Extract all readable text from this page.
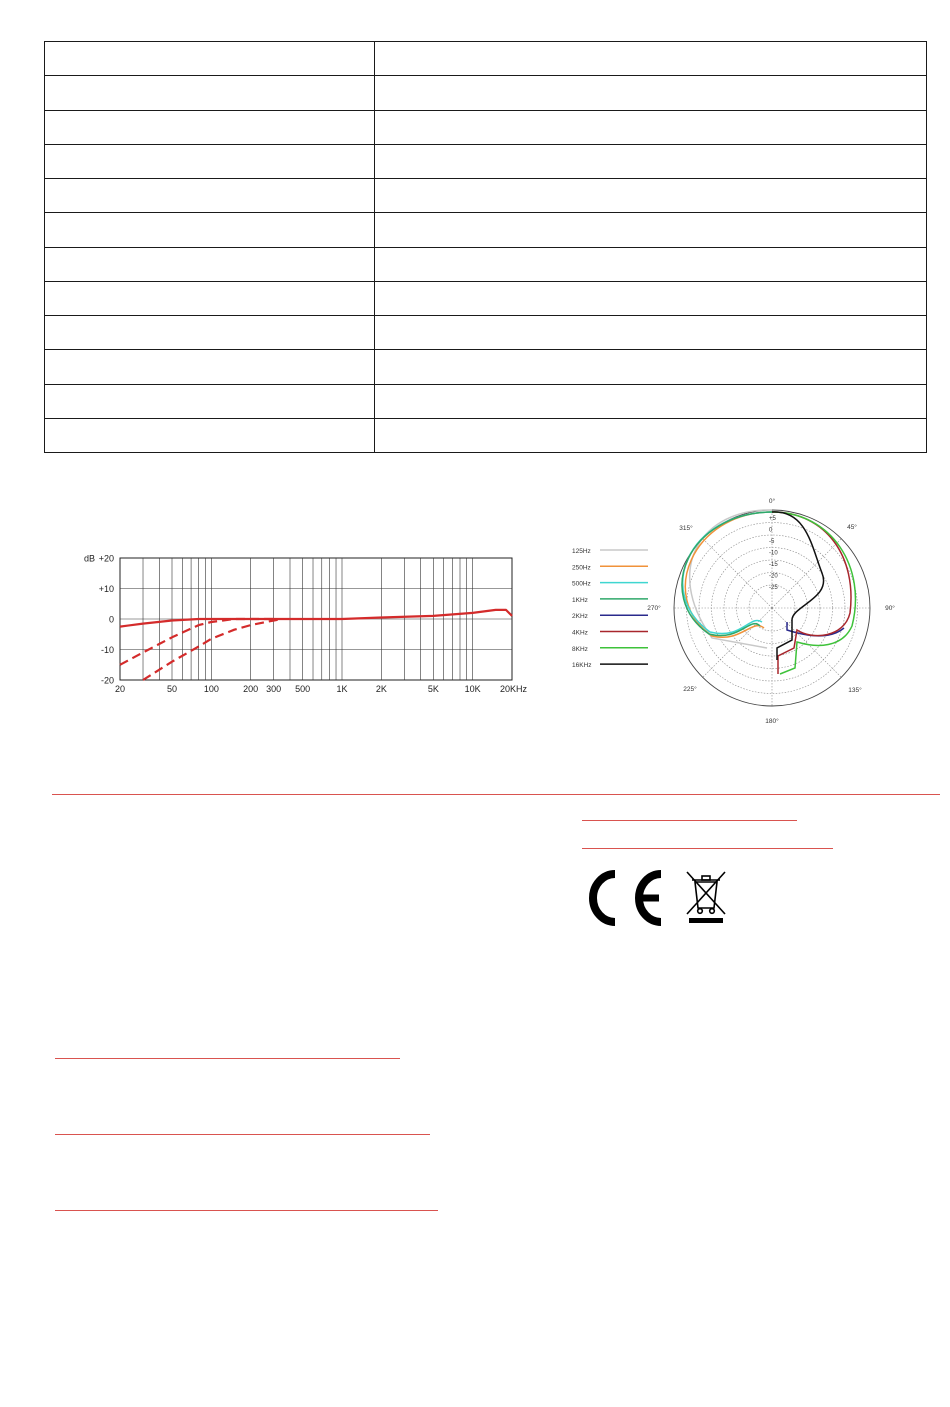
-20
-10
0
+10
+20
dB
20	50	100	200 300 500	1K	2K	5K	10K 20KHz
125Hz
250Hz
500Hz
1KHz
2KHz
4KHz
8KHz
16KHz
+5
0
-5
-10
-15
-20
-25
0°
45°
90°
135°
180°
225°
270°
315°
